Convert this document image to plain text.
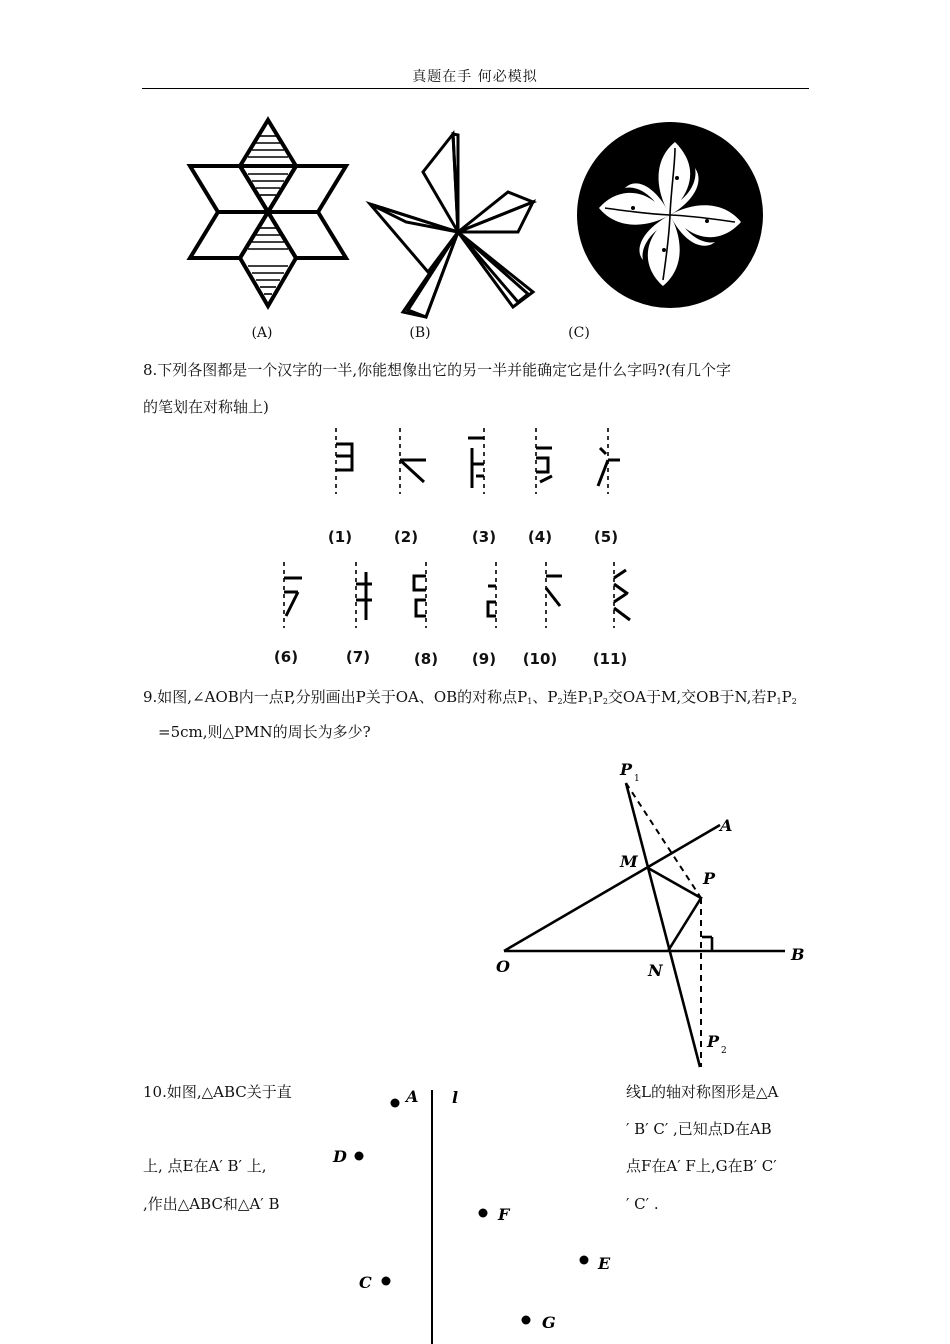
真题在手 何必模拟
(A)	(B)	(C)
8.下列各图都是一个汉字的一半,你能想像出它的另一半并能确定它是什么字吗?(有几个字
的笔划在对称轴上)
(1)	(2)	(3)	(4)	(5)
(6)	(7)	(8)	(9)	(10)	(11)
9.如图,∠AOB内一点P,分别画出P关于OA、OB的对称点$P_1$、$P_2$连$P_1P_2$交OA于M,交OB于N,若$P_1P_2$
=5cm,则△PMN的周长为多少?
P 1
A
M
P
O	N
B
P 2
10.如图,△ABC关于直
上, 点E在A′ B′ 上,
,作出△ABC和△A′ B
线L的轴对称图形是△A
′ B′ C′ ,已知点D在AB
点F在A′ F上,G在B′ C′
′ C′ .
A l
D
F
E
C
G
